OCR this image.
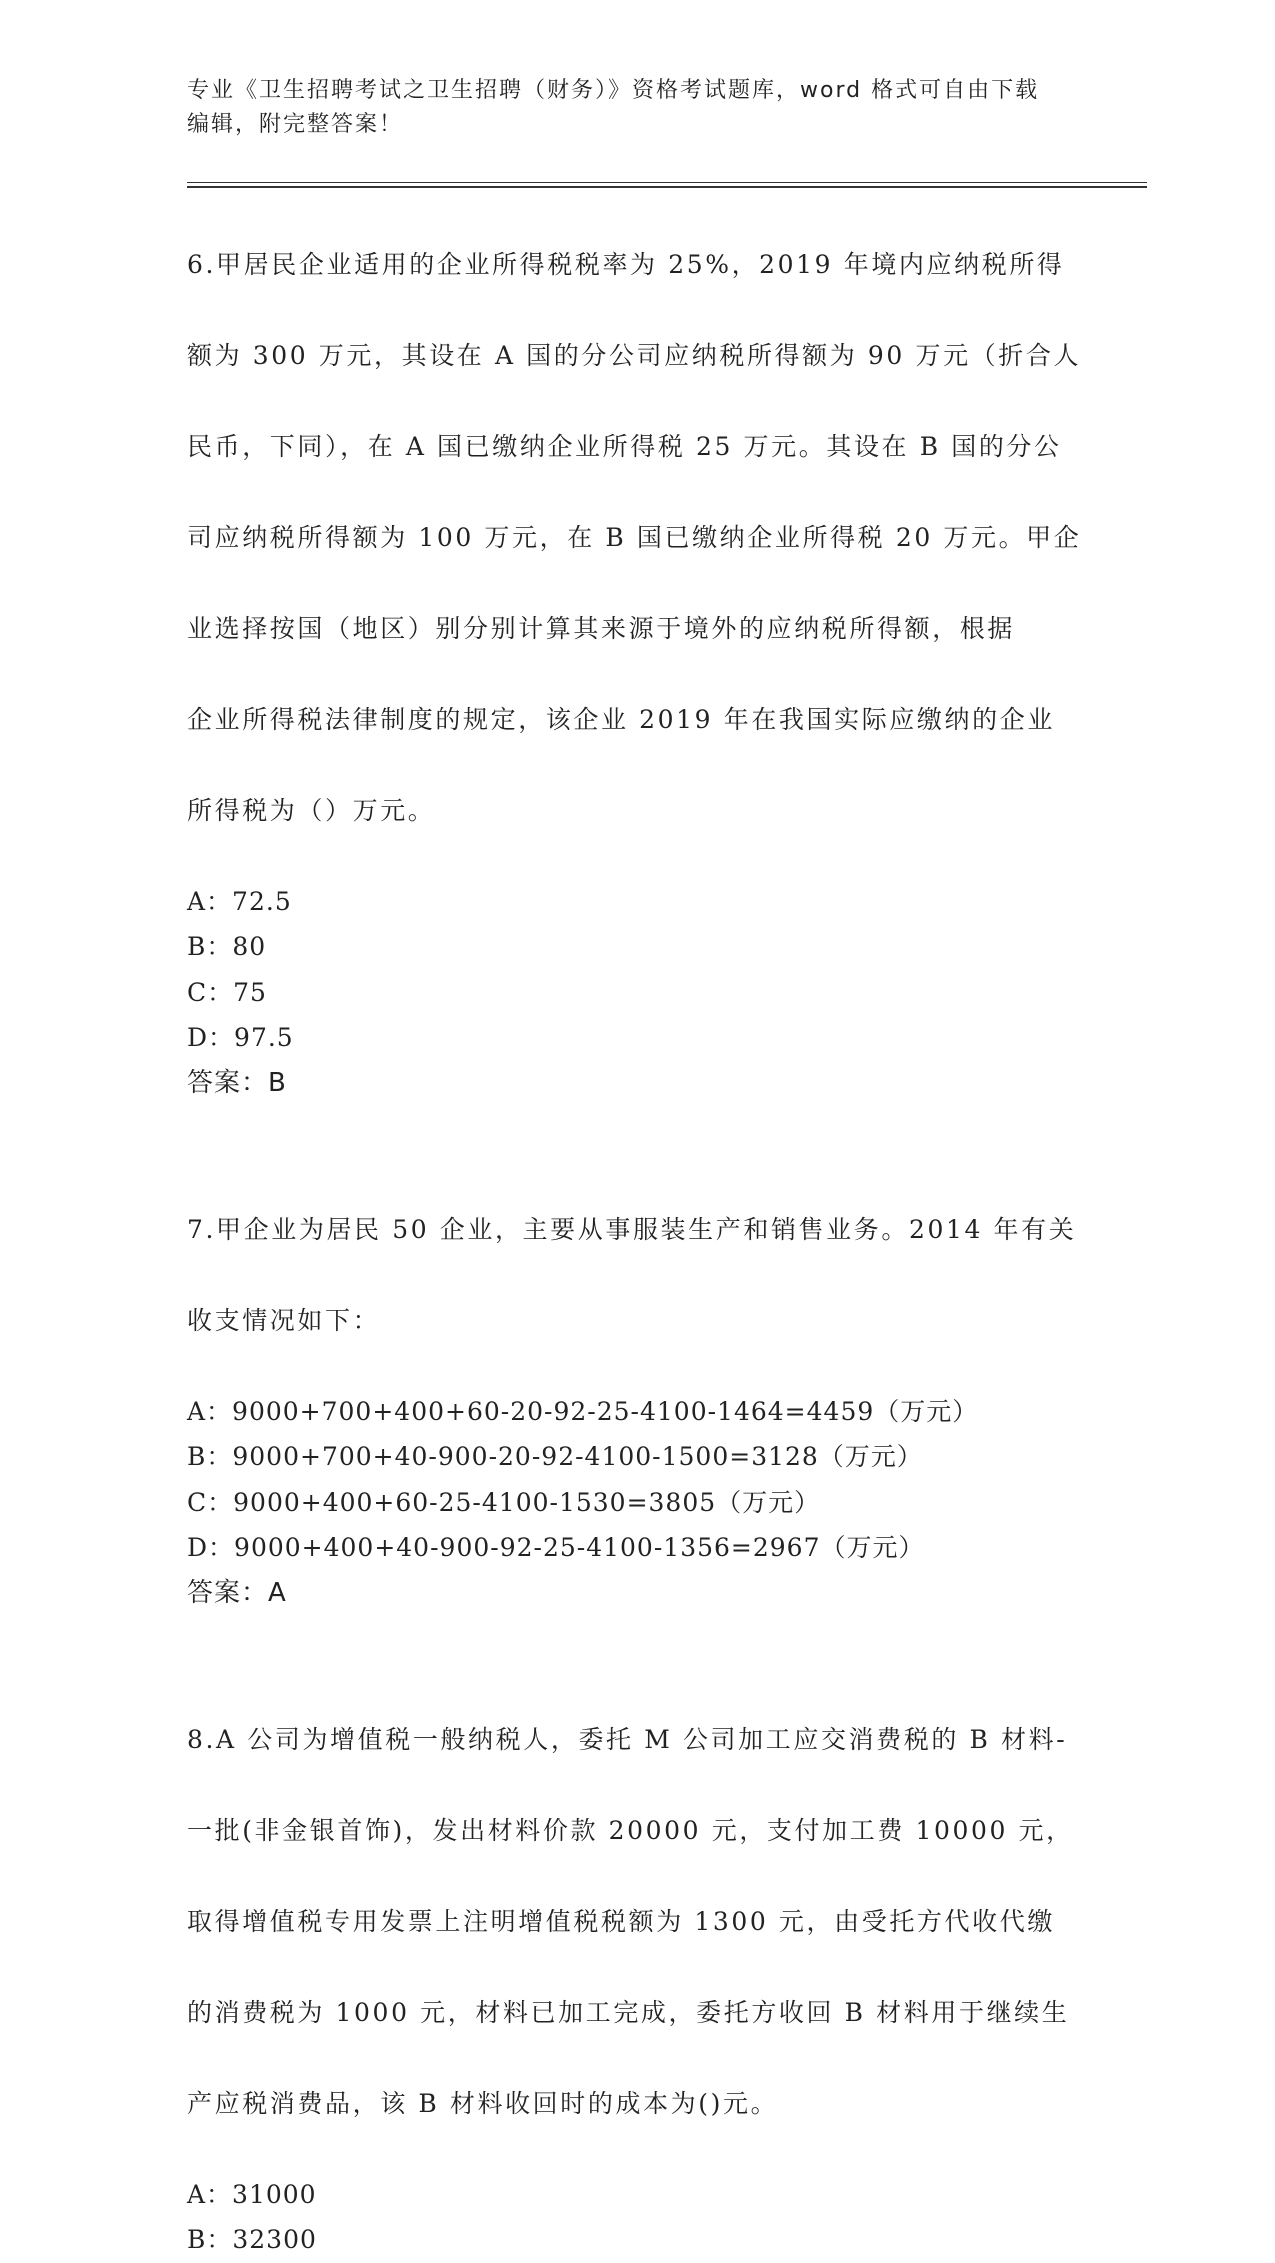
专业《卫生招聘考试之卫生招聘（财务）》资格考试题库，word 格式可自由下载
编辑，附完整答案！

6.甲居民企业适用的企业所得税税率为 25%，2019 年境内应纳税所得

额为 300 万元，其设在 A 国的分公司应纳税所得额为 90 万元（折合人

民币，下同），在 A 国已缴纳企业所得税 25 万元。其设在 B 国的分公

司应纳税所得额为 100 万元，在 B 国已缴纳企业所得税 20 万元。甲企

业选择按国（地区）别分别计算其来源于境外的应纳税所得额，根据

企业所得税法律制度的规定，该企业 2019 年在我国实际应缴纳的企业

所得税为（）万元。

A：72.5
B：80
C：75
D：97.5
答案：B

7.甲企业为居民 50 企业，主要从事服装生产和销售业务。2014 年有关

收支情况如下：

A：9000+700+400+60-20-92-25-4100-1464=4459（万元）
B：9000+700+40-900-20-92-4100-1500=3128（万元）
C：9000+400+60-25-4100-1530=3805（万元）
D：9000+400+40-900-92-25-4100-1356=2967（万元）
答案：A

8.A 公司为增值税一般纳税人，委托 M 公司加工应交消费税的 B 材料-

一批(非金银首饰)，发出材料价款 20000 元，支付加工费 10000 元，

取得增值税专用发票上注明增值税税额为 1300 元，由受托方代收代缴

的消费税为 1000 元，材料已加工完成，委托方收回 B 材料用于继续生

产应税消费品，该 B 材料收回时的成本为()元。

A：31000
B：32300
